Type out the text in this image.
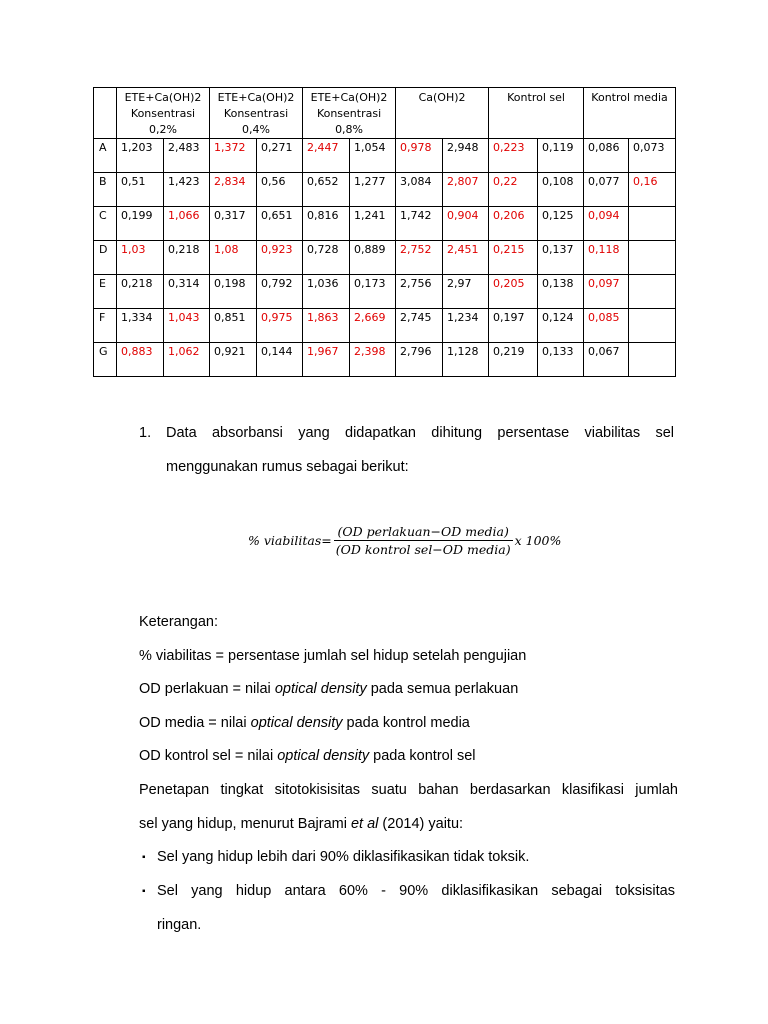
	ETE+Ca(OH)2 Konsentrasi 0,2%		ETE+Ca(OH)2 Konsentrasi 0,4%		ETE+Ca(OH)2 Konsentrasi 0,8%		Ca(OH)2		Kontrol sel		Kontrol media	
A	1,203	2,483	1,372	0,271	2,447	1,054	0,978	2,948	0,223	0,119	0,086	0,073
B	0,51	1,423	2,834	0,56	0,652	1,277	3,084	2,807	0,22	0,108	0,077	0,16
C	0,199	1,066	0,317	0,651	0,816	1,241	1,742	0,904	0,206	0,125	0,094	
D	1,03	0,218	1,08	0,923	0,728	0,889	2,752	2,451	0,215	0,137	0,118	
E	0,218	0,314	0,198	0,792	1,036	0,173	2,756	2,97	0,205	0,138	0,097	
F	1,334	1,043	0,851	0,975	1,863	2,669	2,745	1,234	0,197	0,124	0,085	
G	0,883	1,062	0,921	0,144	1,967	2,398	2,796	1,128	0,219	0,133	0,067	
1. Data absorbansi yang didapatkan dihitung persentase viabilitas sel
menggunakan rumus sebagai berikut:
% viabilitas= $\frac{\text{(OD perlakuan−OD media)}}{\text{(OD kontrol sel−OD media)}}$ x 100%
Keterangan:
% viabilitas = persentase jumlah sel hidup setelah pengujian
OD perlakuan = nilai optical density pada semua perlakuan
OD media = nilai optical density pada kontrol media
OD kontrol sel = nilai optical density pada kontrol sel
Penetapan tingkat sitotokisisitas suatu bahan berdasarkan klasifikasi jumlah
sel yang hidup, menurut Bajrami et al (2014) yaitu:
▪ Sel yang hidup lebih dari 90% diklasifikasikan tidak toksik.
▪ Sel yang hidup antara 60% - 90% diklasifikasikan sebagai toksisitas
ringan.
